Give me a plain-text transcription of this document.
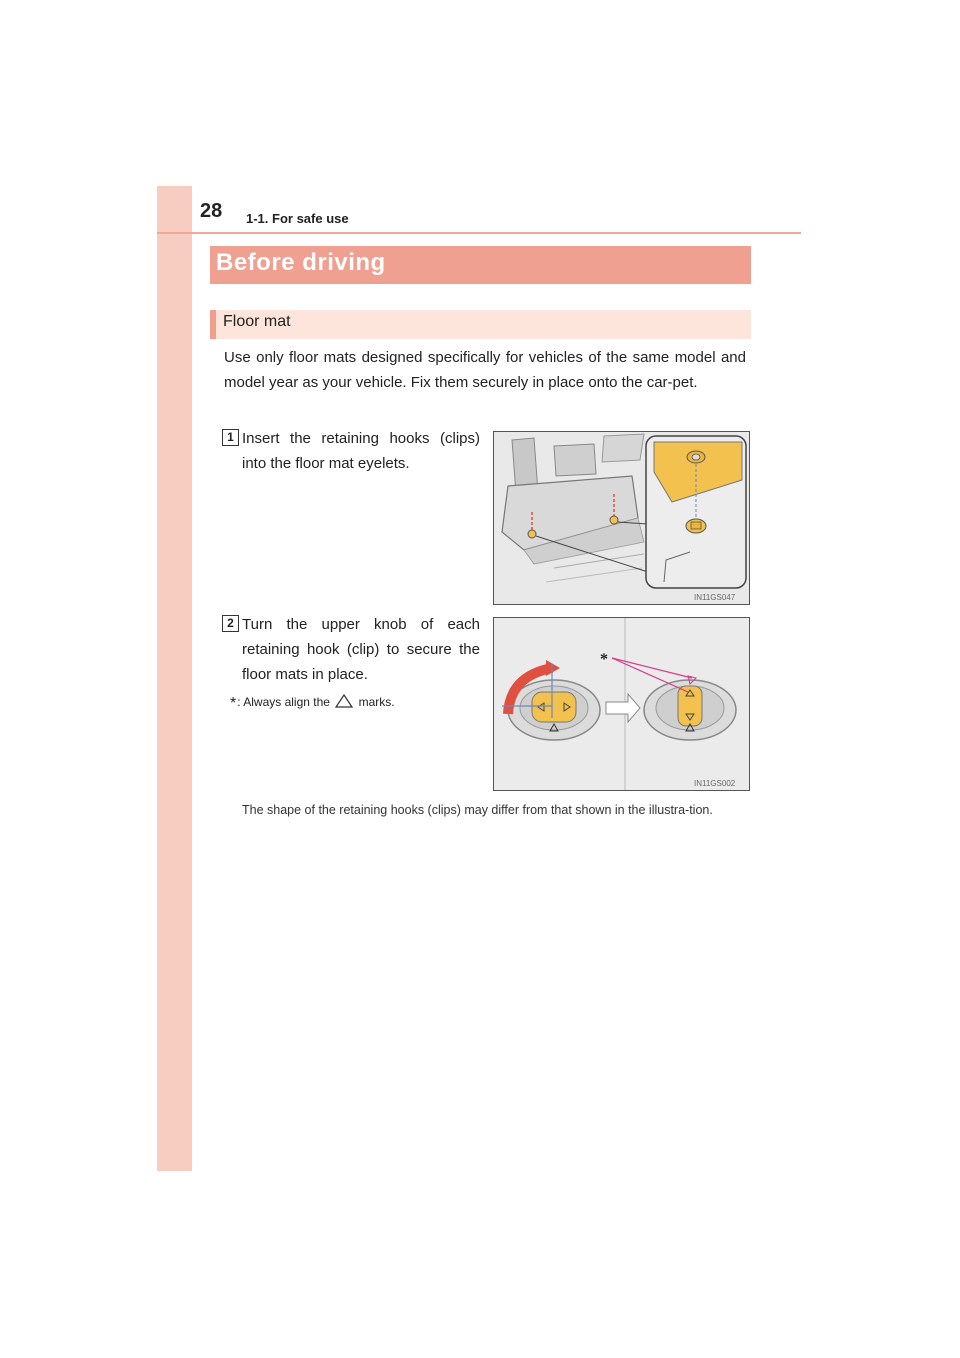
28 1-1. For safe use
Before driving
Floor mat
Use only floor mats designed specifically for vehicles of the same model and model year as your vehicle. Fix them securely in place onto the car-pet.
1 Insert the retaining hooks (clips) into the floor mat eyelets.
IN11GS047
2 Turn the upper knob of each retaining hook (clip) to secure the floor mats in place.
*: Always align the marks.
*
IN11GS002
The shape of the retaining hooks (clips) may differ from that shown in the illustra-tion.
